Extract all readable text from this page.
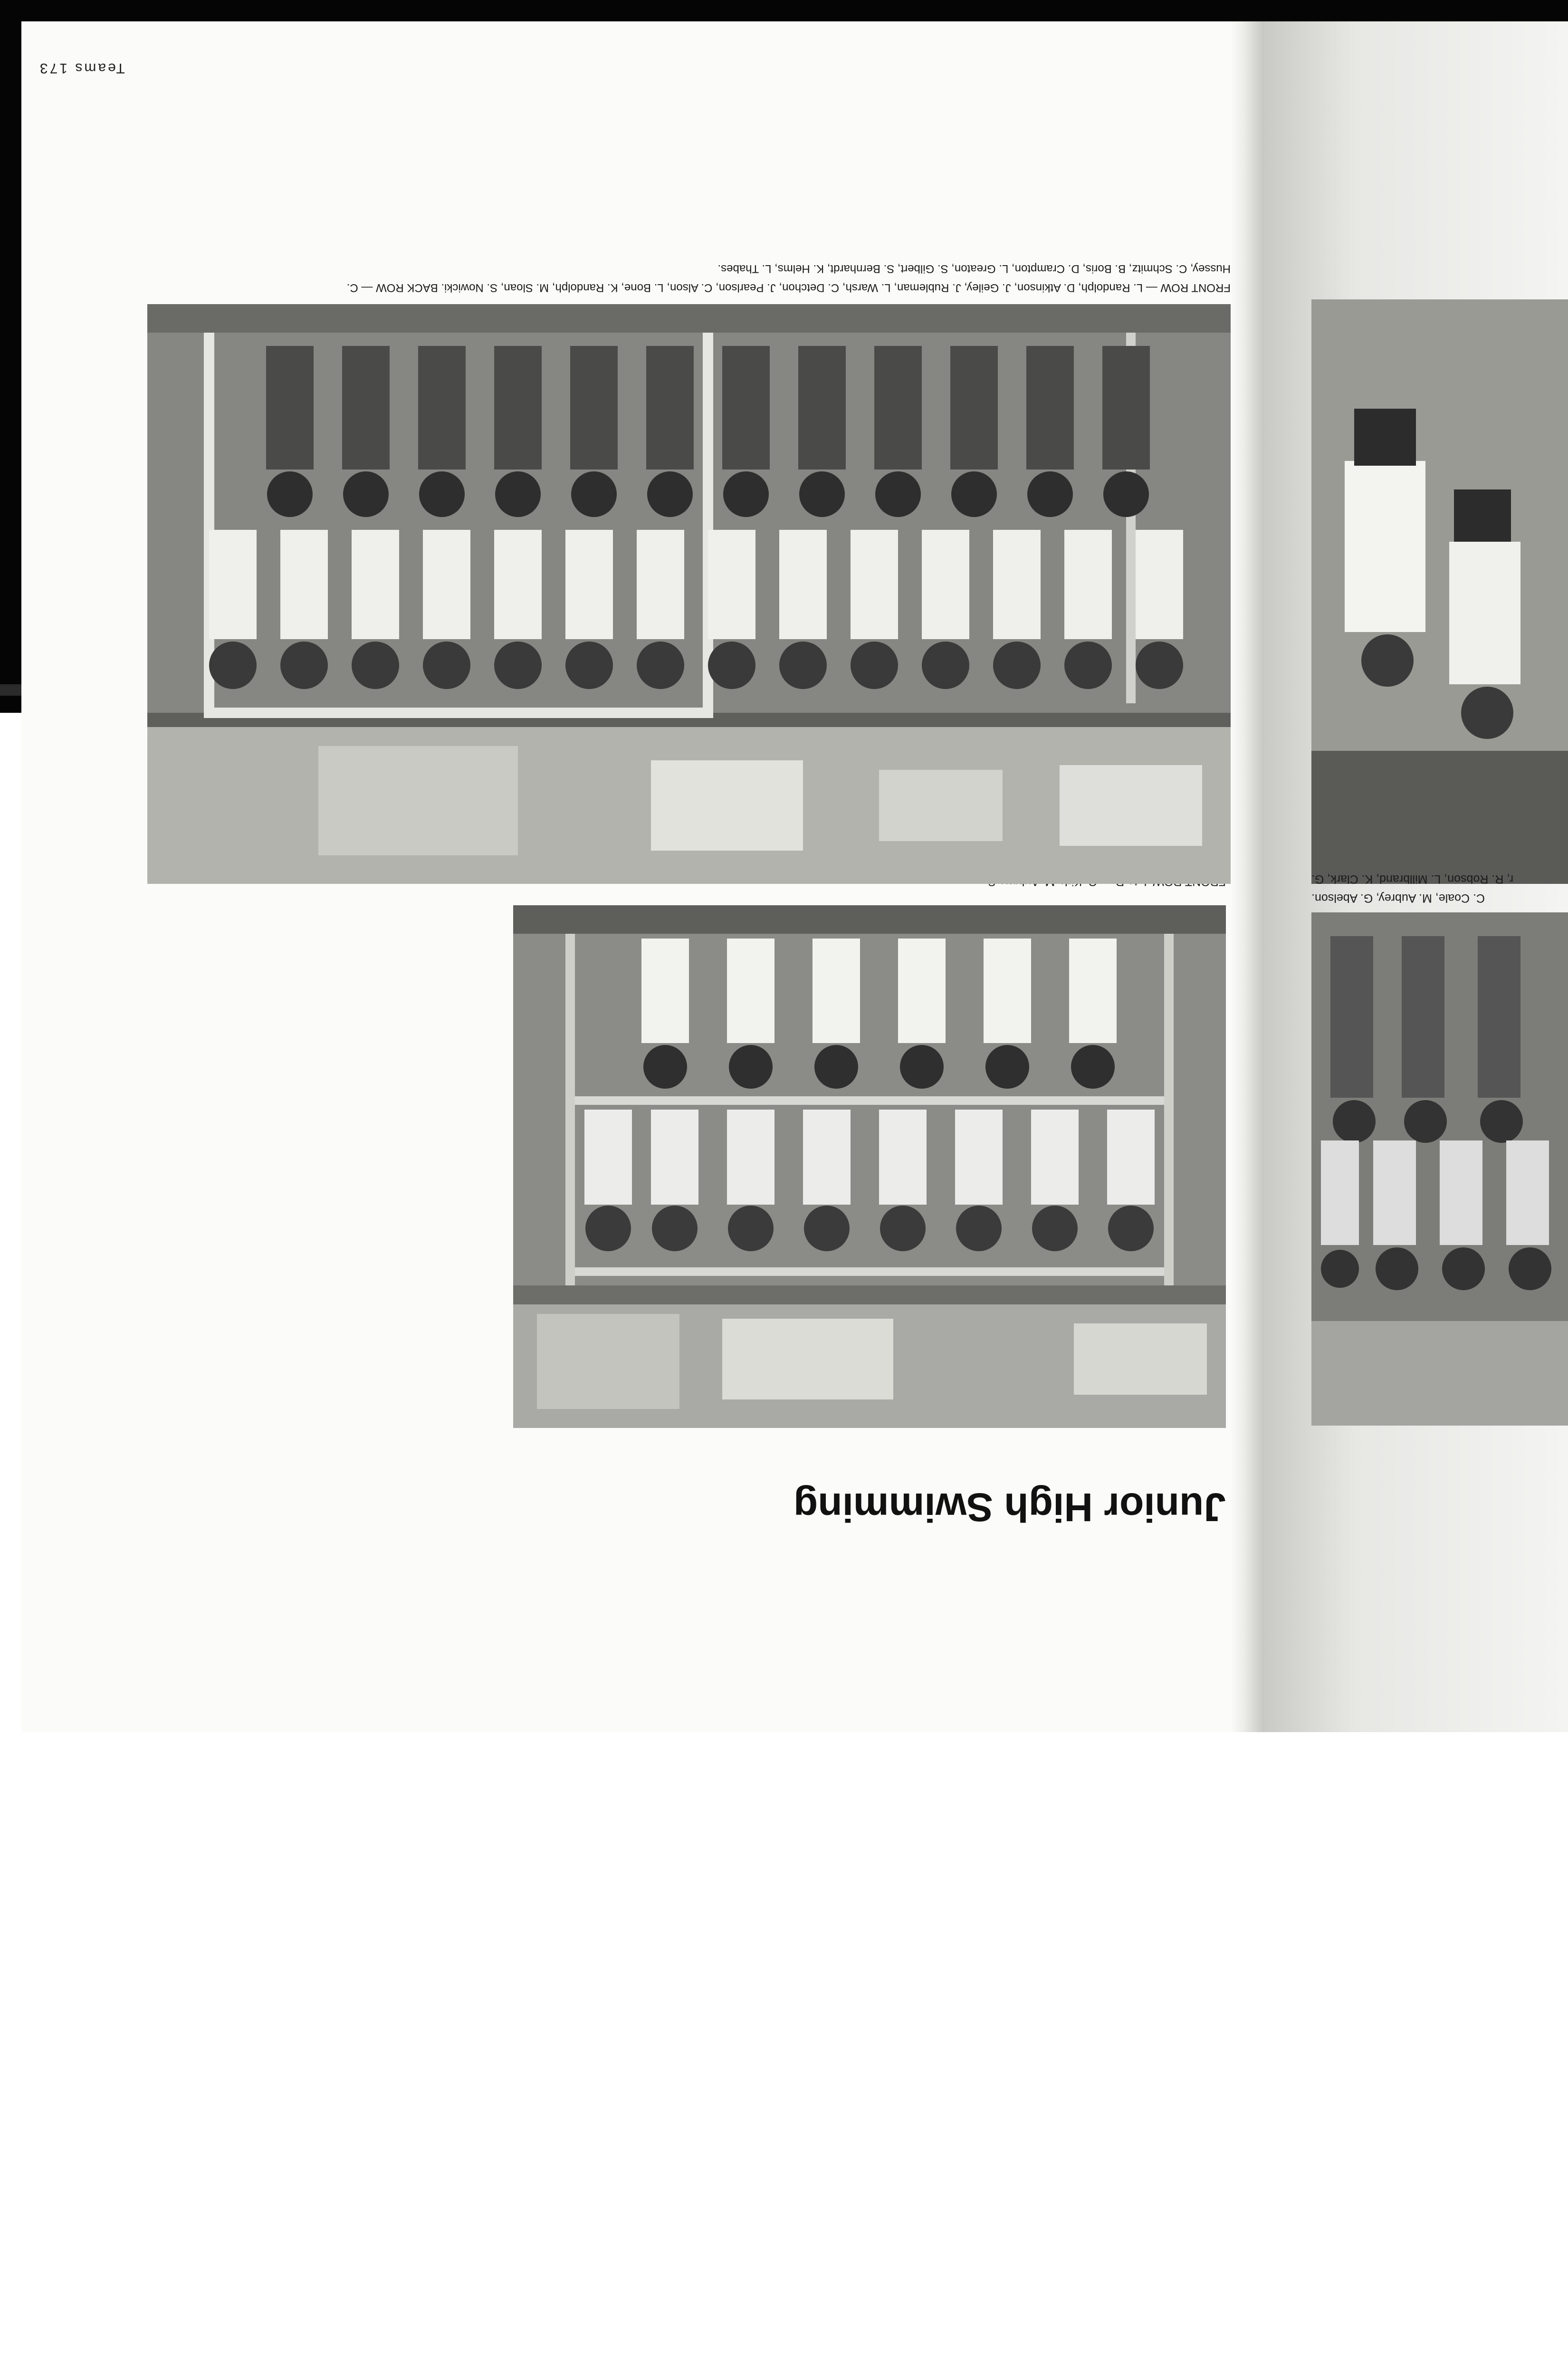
Teams 173
Junior High Swimming
FRONT ROW — L. Randolph, D. Atkinson, J. Geiley, J. Rubleman, L. Warsh, C. Detchon, J. Pearlson, C. Alson, L. Bone, K. Randolph, M. Sloan, S. Nowicki. BACK ROW — C.
Hussey, C. Schmitz, B. Boris, D. Crampton, L. Greaton, S. Gilbert, S. Bernhardt, K. Helms, L. Thabes.
C. Coale, M. Aubrey, G. Abelson.
r, R. Robson, L. Millbrand, K. Clark, G.
